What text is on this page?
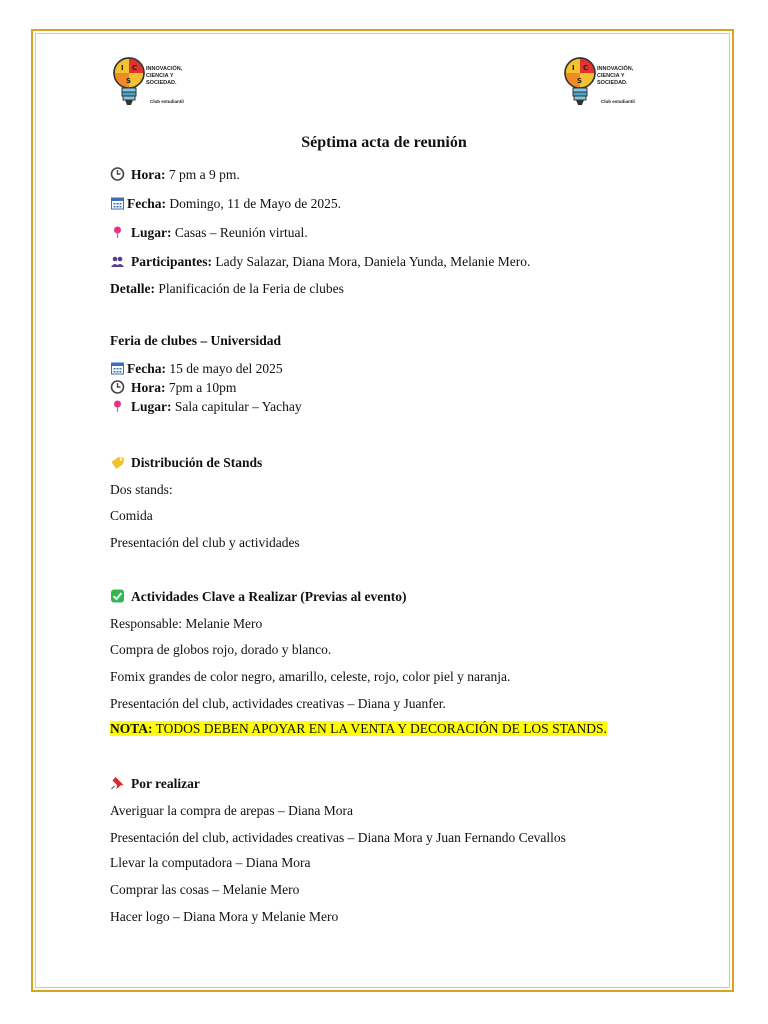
I C
S
INNOVACIÓN, CIENCIA Y SOCIEDAD.
Club estudiantil
I C
S
INNOVACIÓN, CIENCIA Y SOCIEDAD.
Club estudiantil
Séptima acta de reunión
Hora: 7 pm a 9 pm.
Fecha: Domingo, 11 de Mayo de 2025.
Lugar: Casas – Reunión virtual.
Participantes: Lady Salazar, Diana Mora, Daniela Yunda, Melanie Mero.
Detalle: Planificación de la Feria de clubes
Feria de clubes – Universidad
Fecha: 15 de mayo del 2025
Hora: 7pm a 10pm
Lugar: Sala capitular – Yachay
Distribución de Stands
Dos stands:
Comida
Presentación del club y actividades
Actividades Clave a Realizar (Previas al evento)
Responsable: Melanie Mero
Compra de globos rojo, dorado y blanco.
Fomix grandes de color negro, amarillo, celeste, rojo, color piel y naranja.
Presentación del club, actividades creativas – Diana y Juanfer.
NOTA: TODOS DEBEN APOYAR EN LA VENTA Y DECORACIÓN DE LOS STANDS.
Por realizar
Averiguar la compra de arepas – Diana Mora
Presentación del club, actividades creativas – Diana Mora y Juan Fernando Cevallos
Llevar la computadora – Diana Mora
Comprar las cosas – Melanie Mero
Hacer logo – Diana Mora y Melanie Mero
